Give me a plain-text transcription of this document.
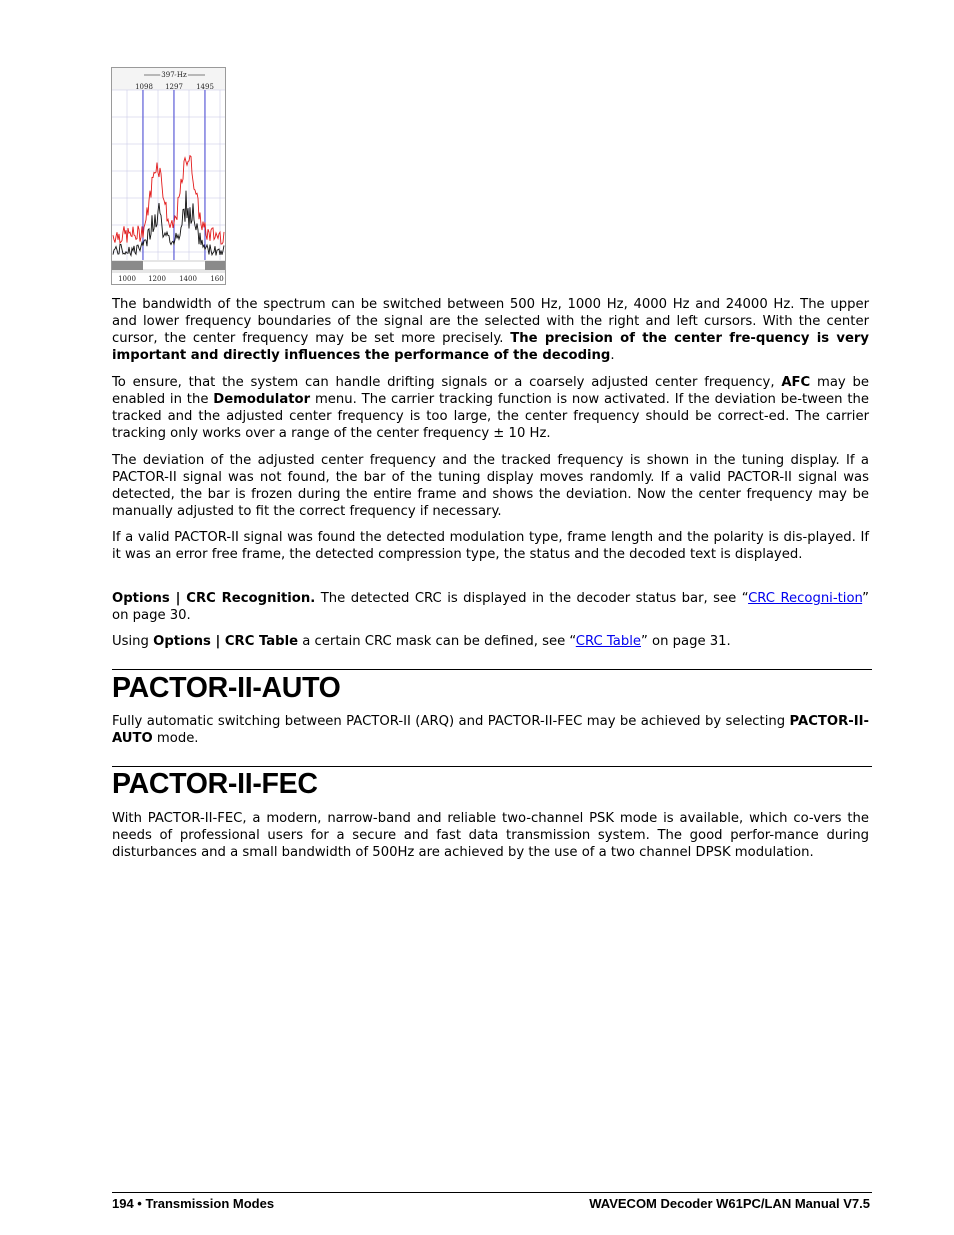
397 Hz
1098 1297 1495
1000 1200 1400 160

The bandwidth of the spectrum can be switched between 500 Hz, 1000 Hz, 4000 Hz and 24000 Hz. The upper and lower frequency boundaries of the signal are the selected with the right and left cursors. With the center cursor, the center frequency may be set more precisely. The precision of the center fre-quency is very important and directly influences the performance of the decoding.

To ensure, that the system can handle drifting signals or a coarsely adjusted center frequency, AFC may be enabled in the Demodulator menu. The carrier tracking function is now activated. If the deviation be-tween the tracked and the adjusted center frequency is too large, the center frequency should be correct-ed. The carrier tracking only works over a range of the center frequency ± 10 Hz.

The deviation of the adjusted center frequency and the tracked frequency is shown in the tuning display. If a PACTOR-II signal was not found, the bar of the tuning display moves randomly. If a valid PACTOR-II signal was detected, the bar is frozen during the entire frame and shows the deviation. Now the center frequency may be manually adjusted to fit the correct frequency if necessary.

If a valid PACTOR-II signal was found the detected modulation type, frame length and the polarity is dis-played. If it was an error free frame, the detected compression type, the status and the decoded text is displayed.

Options | CRC Recognition. The detected CRC is displayed in the decoder status bar, see “CRC Recogni-tion” on page 30.

Using Options | CRC Table a certain CRC mask can be defined, see “CRC Table” on page 31.

PACTOR-II-AUTO

Fully automatic switching between PACTOR-II (ARQ) and PACTOR-II-FEC may be achieved by selecting PACTOR-II-AUTO mode.

PACTOR-II-FEC

With PACTOR-II-FEC, a modern, narrow-band and reliable two-channel PSK mode is available, which co-vers the needs of professional users for a secure and fast data transmission system. The good perfor-mance during disturbances and a small bandwidth of 500Hz are achieved by the use of a two channel DPSK modulation.

194 • Transmission Modes	WAVECOM Decoder W61PC/LAN Manual V7.5
